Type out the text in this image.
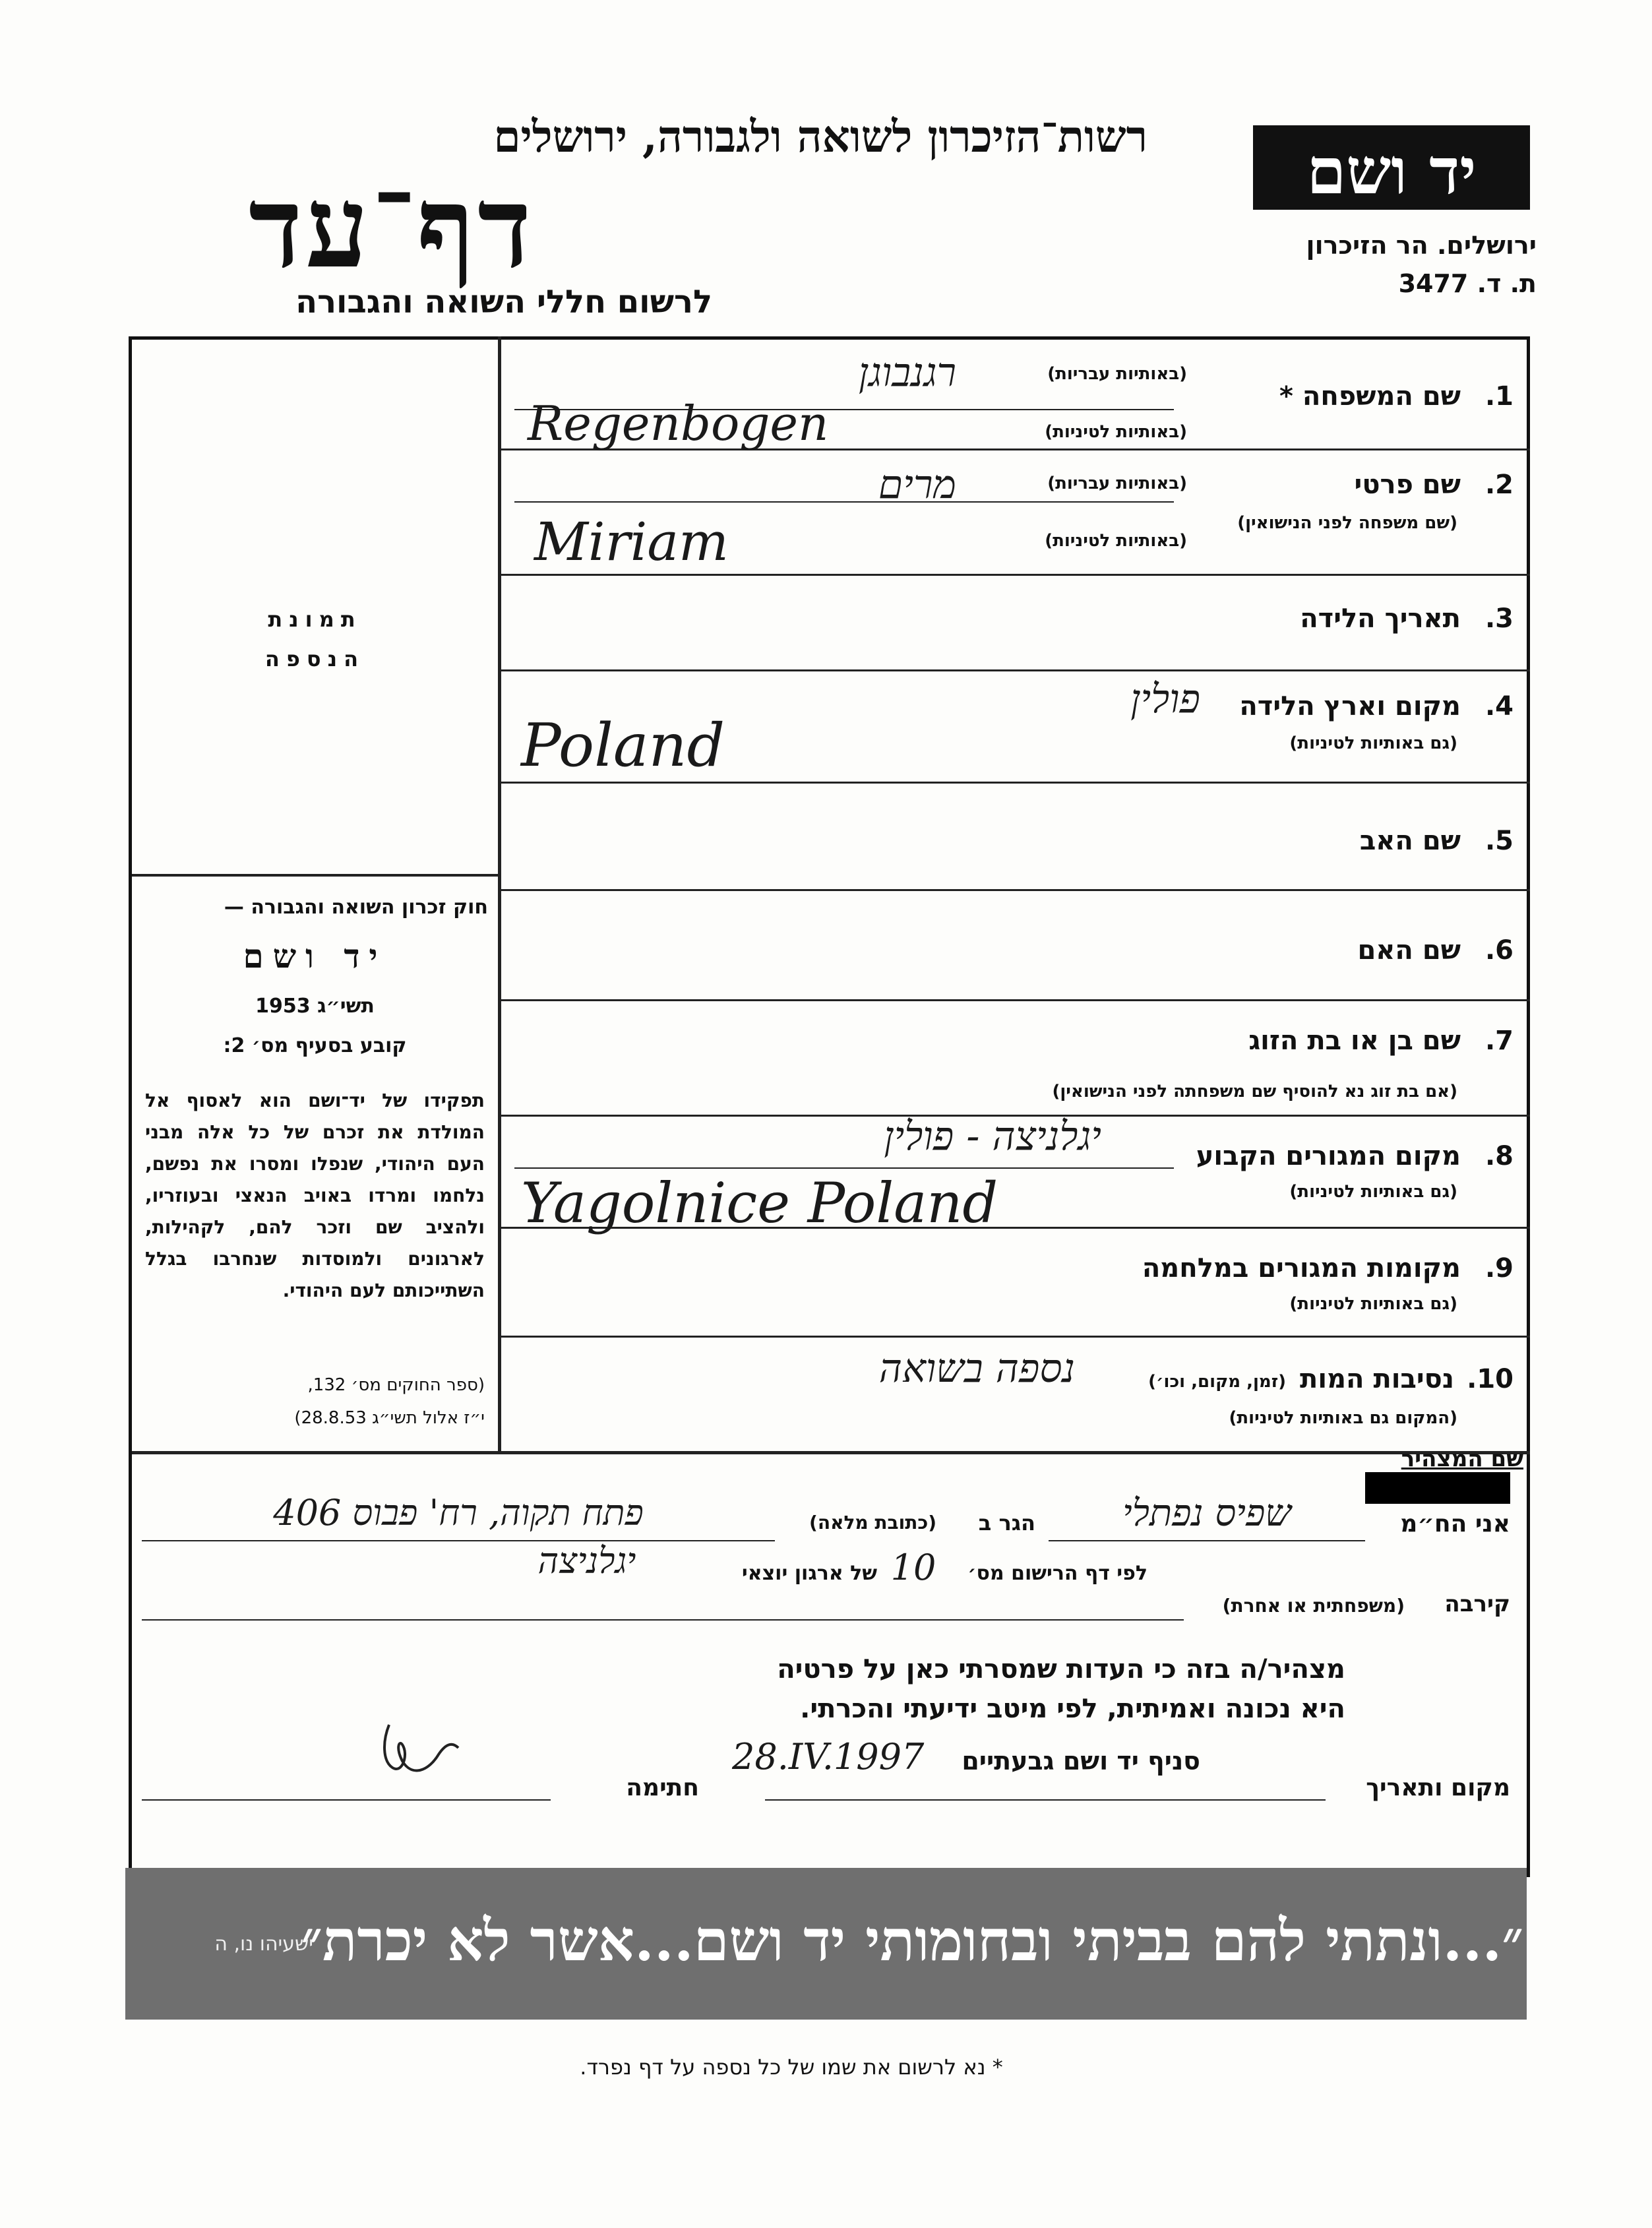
רשות־הזיכרון לשואה ולגבורה, ירושלים
דף־עד
לרשום חללי השואה והגבורה
יד ושם
ירושלים. הר הזיכרון
ת. ד. 3477
תמונת
הנספה
חוק זכרון השואה והגבורה —
יד ושם
תשי״ג 1953
קובע בסעיף מס׳ 2:
תפקידו של יד־ושם הוא לאסוף אל המולדת את זכרם של כל אלה מבני העם היהודי, שנפלו ומסרו את נפשם, נלחמו ומרדו באויב הנאצי ובעוזריו, ולהציב שם וזכר להם, לקהילות, לארגונים ולמוסדות שנחרבו בגלל השתייכותם לעם היהודי.
(ספר החוקים מס׳ 132,
י״ז אלול תשי״ג 28.8.53)
1.
שם המשפחה *
(באותיות עבריות)
(באותיות לטיניות)
רגנבוגן
Regenbogen
2.
שם פרטי
(שם משפחה לפני הנישואין)
(באותיות עבריות)
(באותיות לטיניות)
מרים
Miriam
3.
תאריך הלידה
4.
מקום וארץ הלידה
(גם באותיות לטיניות)
פולין
Poland
5.
שם האב
6.
שם האם
7.
שם בן או בת הזוג
(אם בת זוג נא להוסיף שם משפחתה לפני הנישואין)
8.
מקום המגורים הקבוע
(גם באותיות לטיניות)
יגלניצה - פולין
Yagolnice Poland
9.
מקומות המגורים במלחמה
(גם באותיות לטיניות)
10.
נסיבות המות
(זמן, מקום, וכו׳)
(המקום גם באותיות לטיניות)
נספה בשואה
שם המצהיר
אני הח״מ
שפיס נפתלי
הגר ב
(כתובת מלאה)
פתח תקוה, רח' פבוס 406
יגלניצה	לפי דף הרישום מס׳
10
של ארגון יוצאי
קירבה
(משפחתית או אחרת)
מצהיר/ה בזה כי העדות שמסרתי כאן על פרטיה
היא נכונה ואמיתית, לפי מיטב ידיעתי והכרתי.
מקום ותאריך
סניף יד ושם גבעתיים
28.IV.1997
חתימה
״...ונתתי להם בביתי ובחומותי יד ושם...אשר לא יכרת״
ישעיהו נו, ה
* נא לרשום את שמו של כל נספה על דף נפרד.
